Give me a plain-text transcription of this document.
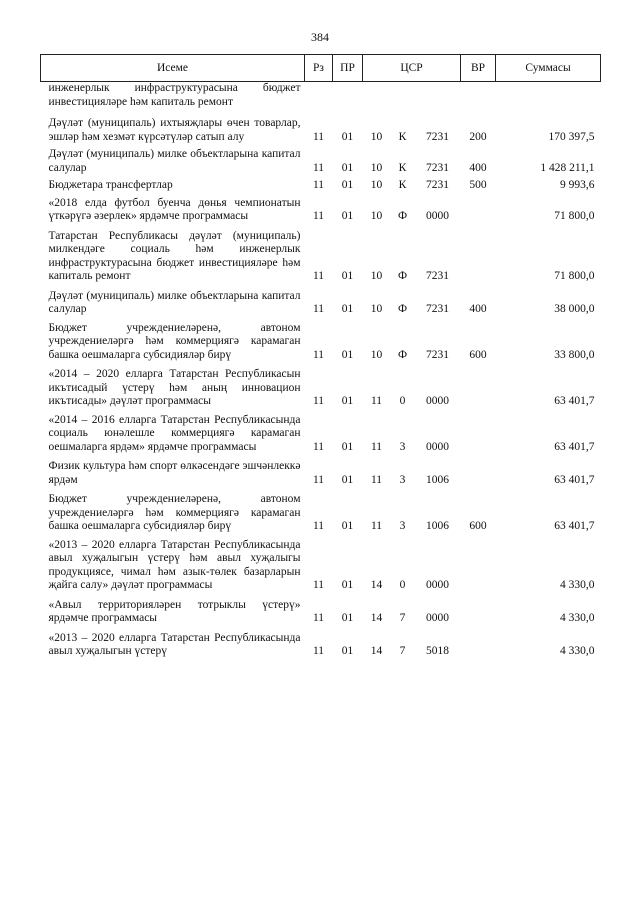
384
Исеме	Рз	ПР	ЦСР			ВР	Суммасы
инженерлык инфраструктурасына бюджет инвестицияләре һәм капиталь ремонт							
Дәүләт (муниципаль) ихтыяҗлары өчен товарлар, эшләр һәм хезмәт күрсәтүләр сатып алу	11	01	10	К	7231	200	170 397,5
Дәүләт (муниципаль) милке объектларына капитал салулар	11	01	10	К	7231	400	1 428 211,1
Бюджетара трансфертлар	11	01	10	К	7231	500	9 993,6
«2018 елда футбол буенча дөнья чемпионатын үткәрүгә әзерлек» ярдәмче программасы	11	01	10	Ф	0000		71 800,0
Татарстан Республикасы дәүләт (муниципаль) милкендәге социаль һәм инженерлык инфраструктурасына бюджет инвестицияләре һәм капиталь ремонт	11	01	10	Ф	7231		71 800,0
Дәүләт (муниципаль) милке объектларына капитал салулар	11	01	10	Ф	7231	400	38 000,0
Бюджет учреждениеләренә, автоном учреждениеләргә һәм коммерциягә карамаган башка оешмаларга субсидияләр бирү	11	01	10	Ф	7231	600	33 800,0
«2014 – 2020 елларга Татарстан Республикасын икътисадый үстерү һәм аның инновацион икътисады» дәүләт программасы	11	01	11	0	0000		63 401,7
«2014 – 2016 елларга Татарстан Республикасында социаль юнәлешле коммерциягә карамаган оешмаларга ярдәм» ярдәмче программасы	11	01	11	3	0000		63 401,7
Физик культура һәм спорт өлкәсендәге эшчәнлеккә ярдәм	11	01	11	3	1006		63 401,7
Бюджет учреждениеләренә, автоном учреждениеләргә һәм коммерциягә карамаган башка оешмаларга субсидияләр бирү	11	01	11	3	1006	600	63 401,7
«2013 – 2020 елларга Татарстан Республикасында авыл хуҗалыгын үстерү һәм авыл хуҗалыгы продукциясе, чимал һәм азык-төлек базарларын җайга салу» дәүләт программасы	11	01	14	0	0000		4 330,0
«Авыл территорияләрен тотрыклы үстерү» ярдәмче программасы	11	01	14	7	0000		4 330,0
«2013 – 2020 елларга Татарстан Республикасында авыл хуҗалыгын үстерү	11	01	14	7	5018		4 330,0
